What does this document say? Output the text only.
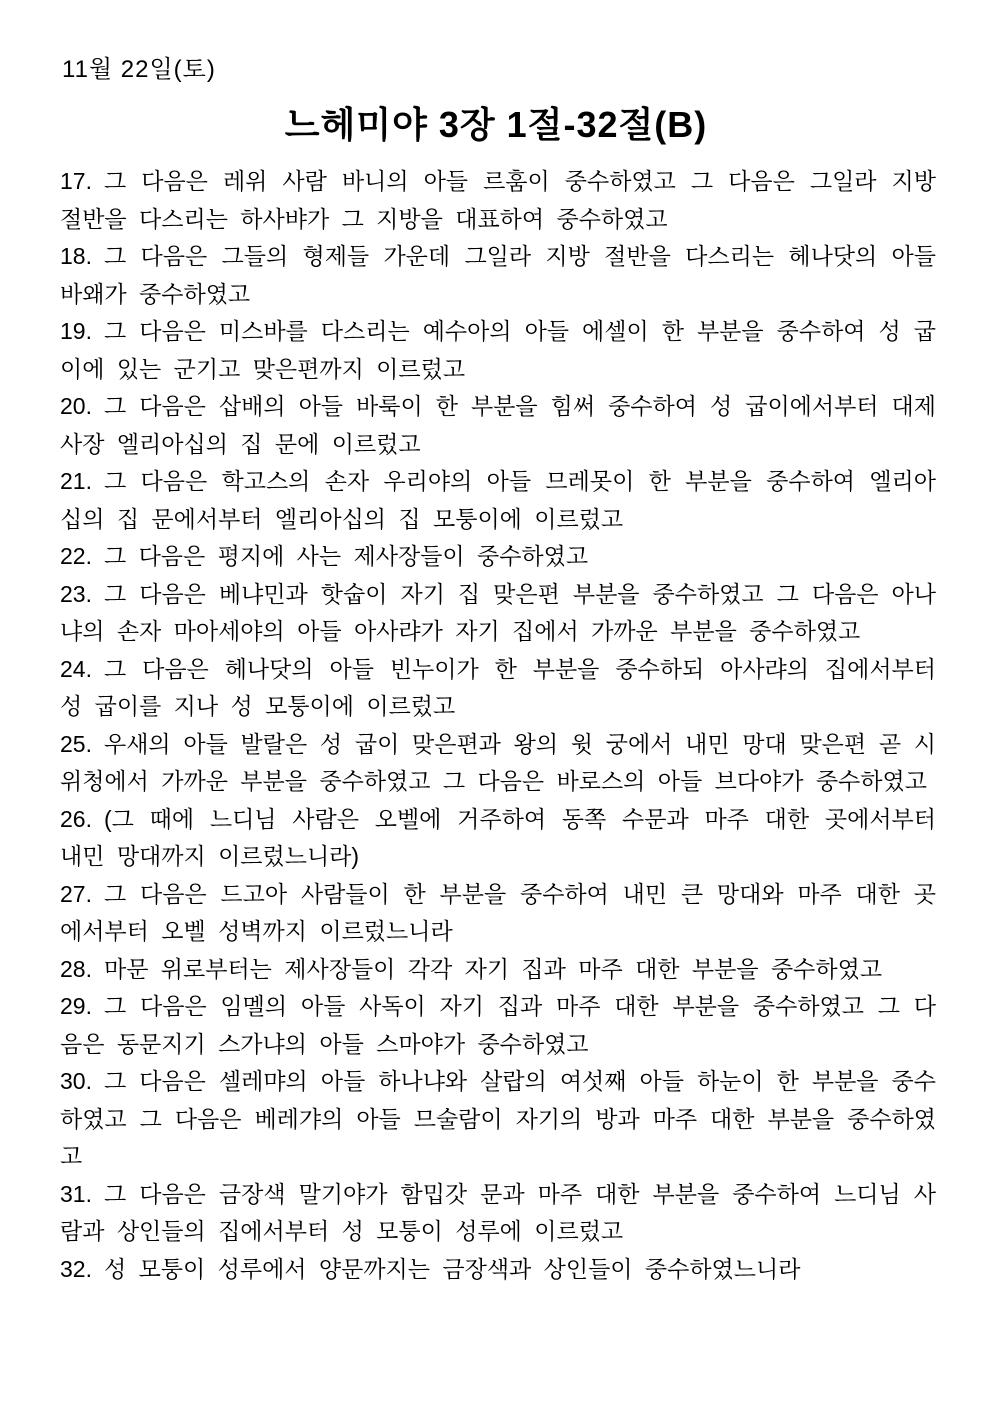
11월 22일(토)
느헤미야 3장 1절-32절(B)

17. 그 다음은 레위 사람 바니의 아들 르훔이 중수하였고 그 다음은 그일라 지방 절반을 다스리는 하사뱌가 그 지방을 대표하여 중수하였고

18. 그 다음은 그들의 형제들 가운데 그일라 지방 절반을 다스리는 헤나닷의 아들 바왜가 중수하였고

19. 그 다음은 미스바를 다스리는 예수아의 아들 에셀이 한 부분을 중수하여 성 굽이에 있는 군기고 맞은편까지 이르렀고

20. 그 다음은 삽배의 아들 바룩이 한 부분을 힘써 중수하여 성 굽이에서부터 대제사장 엘리아십의 집 문에 이르렀고

21. 그 다음은 학고스의 손자 우리야의 아들 므레못이 한 부분을 중수하여 엘리아십의 집 문에서부터 엘리아십의 집 모퉁이에 이르렀고

22. 그 다음은 평지에 사는 제사장들이 중수하였고

23. 그 다음은 베냐민과 핫숩이 자기 집 맞은편 부분을 중수하였고 그 다음은 아나냐의 손자 마아세야의 아들 아사랴가 자기 집에서 가까운 부분을 중수하였고

24. 그 다음은 헤나닷의 아들 빈누이가 한 부분을 중수하되 아사랴의 집에서부터 성 굽이를 지나 성 모퉁이에 이르렀고

25. 우새의 아들 발랄은 성 굽이 맞은편과 왕의 윗 궁에서 내민 망대 맞은편 곧 시위청에서 가까운 부분을 중수하였고 그 다음은 바로스의 아들 브다야가 중수하였고

26. (그 때에 느디님 사람은 오벨에 거주하여 동쪽 수문과 마주 대한 곳에서부터 내민 망대까지 이르렀느니라)

27. 그 다음은 드고아 사람들이 한 부분을 중수하여 내민 큰 망대와 마주 대한 곳에서부터 오벨 성벽까지 이르렀느니라

28. 마문 위로부터는 제사장들이 각각 자기 집과 마주 대한 부분을 중수하였고

29. 그 다음은 임멜의 아들 사독이 자기 집과 마주 대한 부분을 중수하였고 그 다음은 동문지기 스가냐의 아들 스마야가 중수하였고

30. 그 다음은 셀레먀의 아들 하나냐와 살랍의 여섯째 아들 하눈이 한 부분을 중수하였고 그 다음은 베레갸의 아들 므술람이 자기의 방과 마주 대한 부분을 중수하였고

31. 그 다음은 금장색 말기야가 함밉갓 문과 마주 대한 부분을 중수하여 느디님 사람과 상인들의 집에서부터 성 모퉁이 성루에 이르렀고

32. 성 모퉁이 성루에서 양문까지는 금장색과 상인들이 중수하였느니라
